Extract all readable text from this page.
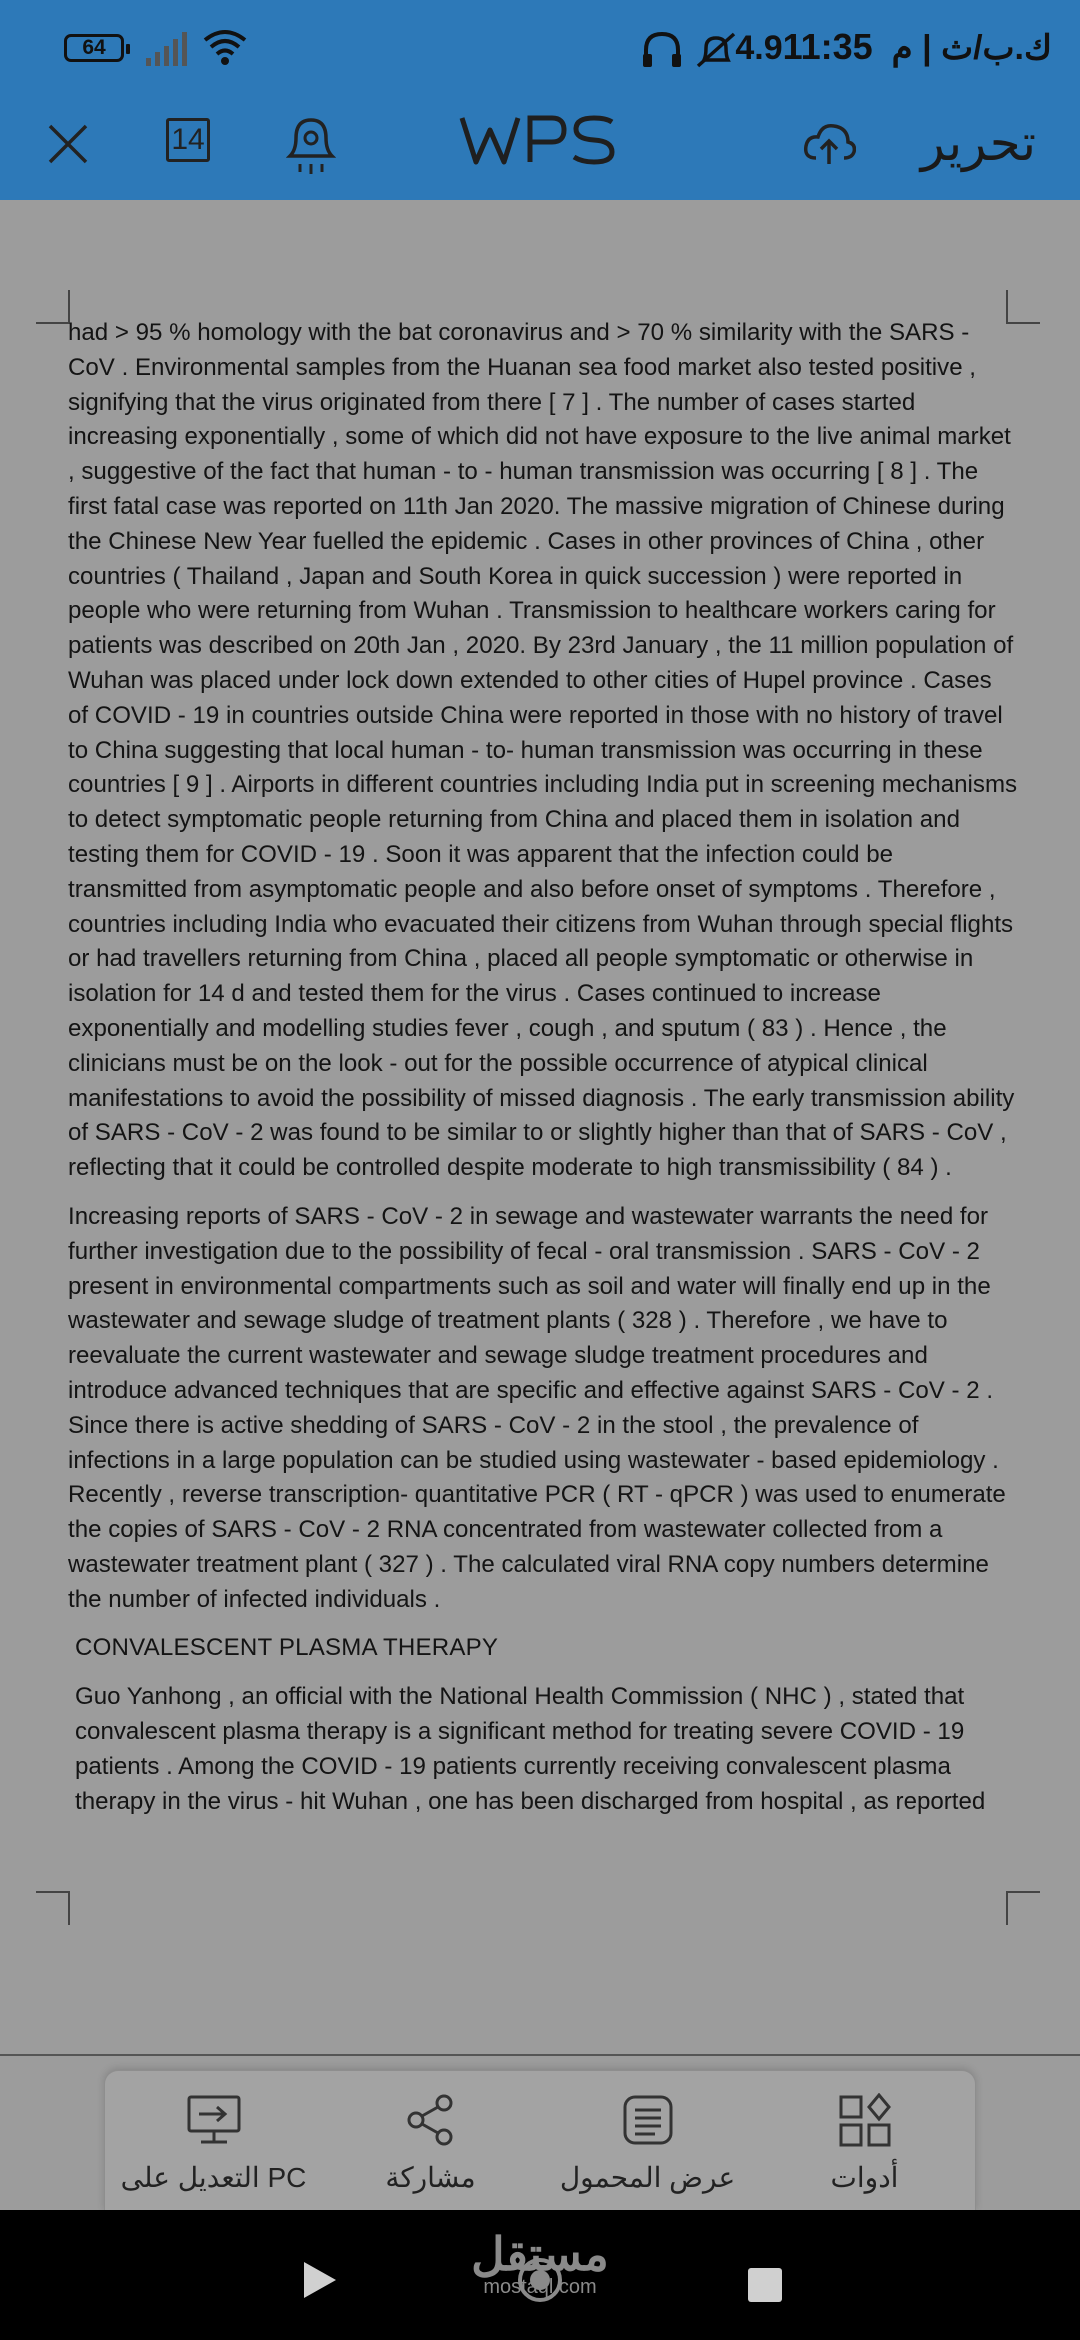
64	4.9ك.ب/ث | م  11:35
تحرير
14

had > 95 % homology with the bat coronavirus and > 70 % similarity with the SARS - CoV . Environmental samples from the Huanan sea food market also tested positive , signifying that the virus originated from there [ 7 ] . The number of cases started increasing exponentially , some of which did not have exposure to the live animal market , suggestive of the fact that human - to - human transmission was occurring [ 8 ] . The first fatal case was reported on 11th Jan 2020. The massive migration of Chinese during the Chinese New Year fuelled the epidemic . Cases in other provinces of China , other countries ( Thailand , Japan and South Korea in quick succession ) were reported in people who were returning from Wuhan . Transmission to healthcare workers caring for patients was described on 20th Jan , 2020. By 23rd January , the 11 million population of Wuhan was placed under lock down extended to other cities of Hupel province . Cases of COVID - 19 in countries outside China were reported in those with no history of travel to China suggesting that local human - to- human transmission was occurring in these countries [ 9 ] . Airports in different countries including India put in screening mechanisms to detect symptomatic people returning from China and placed them in isolation and testing them for COVID - 19 . Soon it was apparent that the infection could be transmitted from asymptomatic people and also before onset of symptoms . Therefore , countries including India who evacuated their citizens from Wuhan through special flights or had travellers returning from China , placed all people symptomatic or otherwise in isolation for 14 d and tested them for the virus . Cases continued to increase exponentially and modelling studies fever , cough , and sputum ( 83 ) . Hence , the clinicians must be on the look - out for the possible occurrence of atypical clinical manifestations to avoid the possibility of missed diagnosis . The early transmission ability of SARS - CoV - 2 was found to be similar to or slightly higher than that of SARS - CoV , reflecting that it could be controlled despite moderate to high transmissibility ( 84 ) .

Increasing reports of SARS - CoV - 2 in sewage and wastewater warrants the need for further investigation due to the possibility of fecal - oral transmission . SARS - CoV - 2 present in environmental compartments such as soil and water will finally end up in the wastewater and sewage sludge of treatment plants ( 328 ) . Therefore , we have to reevaluate the current wastewater and sewage sludge treatment procedures and introduce advanced techniques that are specific and effective against SARS - CoV - 2 . Since there is active shedding of SARS - CoV - 2 in the stool , the prevalence of infections in a large population can be studied using wastewater - based epidemiology . Recently , reverse transcription- quantitative PCR ( RT - qPCR ) was used to enumerate the copies of SARS - CoV - 2 RNA concentrated from wastewater collected from a wastewater treatment plant ( 327 ) . The calculated viral RNA copy numbers determine the number of infected individuals .

CONVALESCENT PLASMA THERAPY

Guo Yanhong , an official with the National Health Commission ( NHC ) , stated that convalescent plasma therapy is a significant method for treating severe COVID - 19 patients . Among the COVID - 19 patients currently receiving convalescent plasma therapy in the virus - hit Wuhan , one has been discharged from hospital , as reported

التعديل على PC	مشاركة	عرض المحمول	أدوات
مستقل
mostaql.com
